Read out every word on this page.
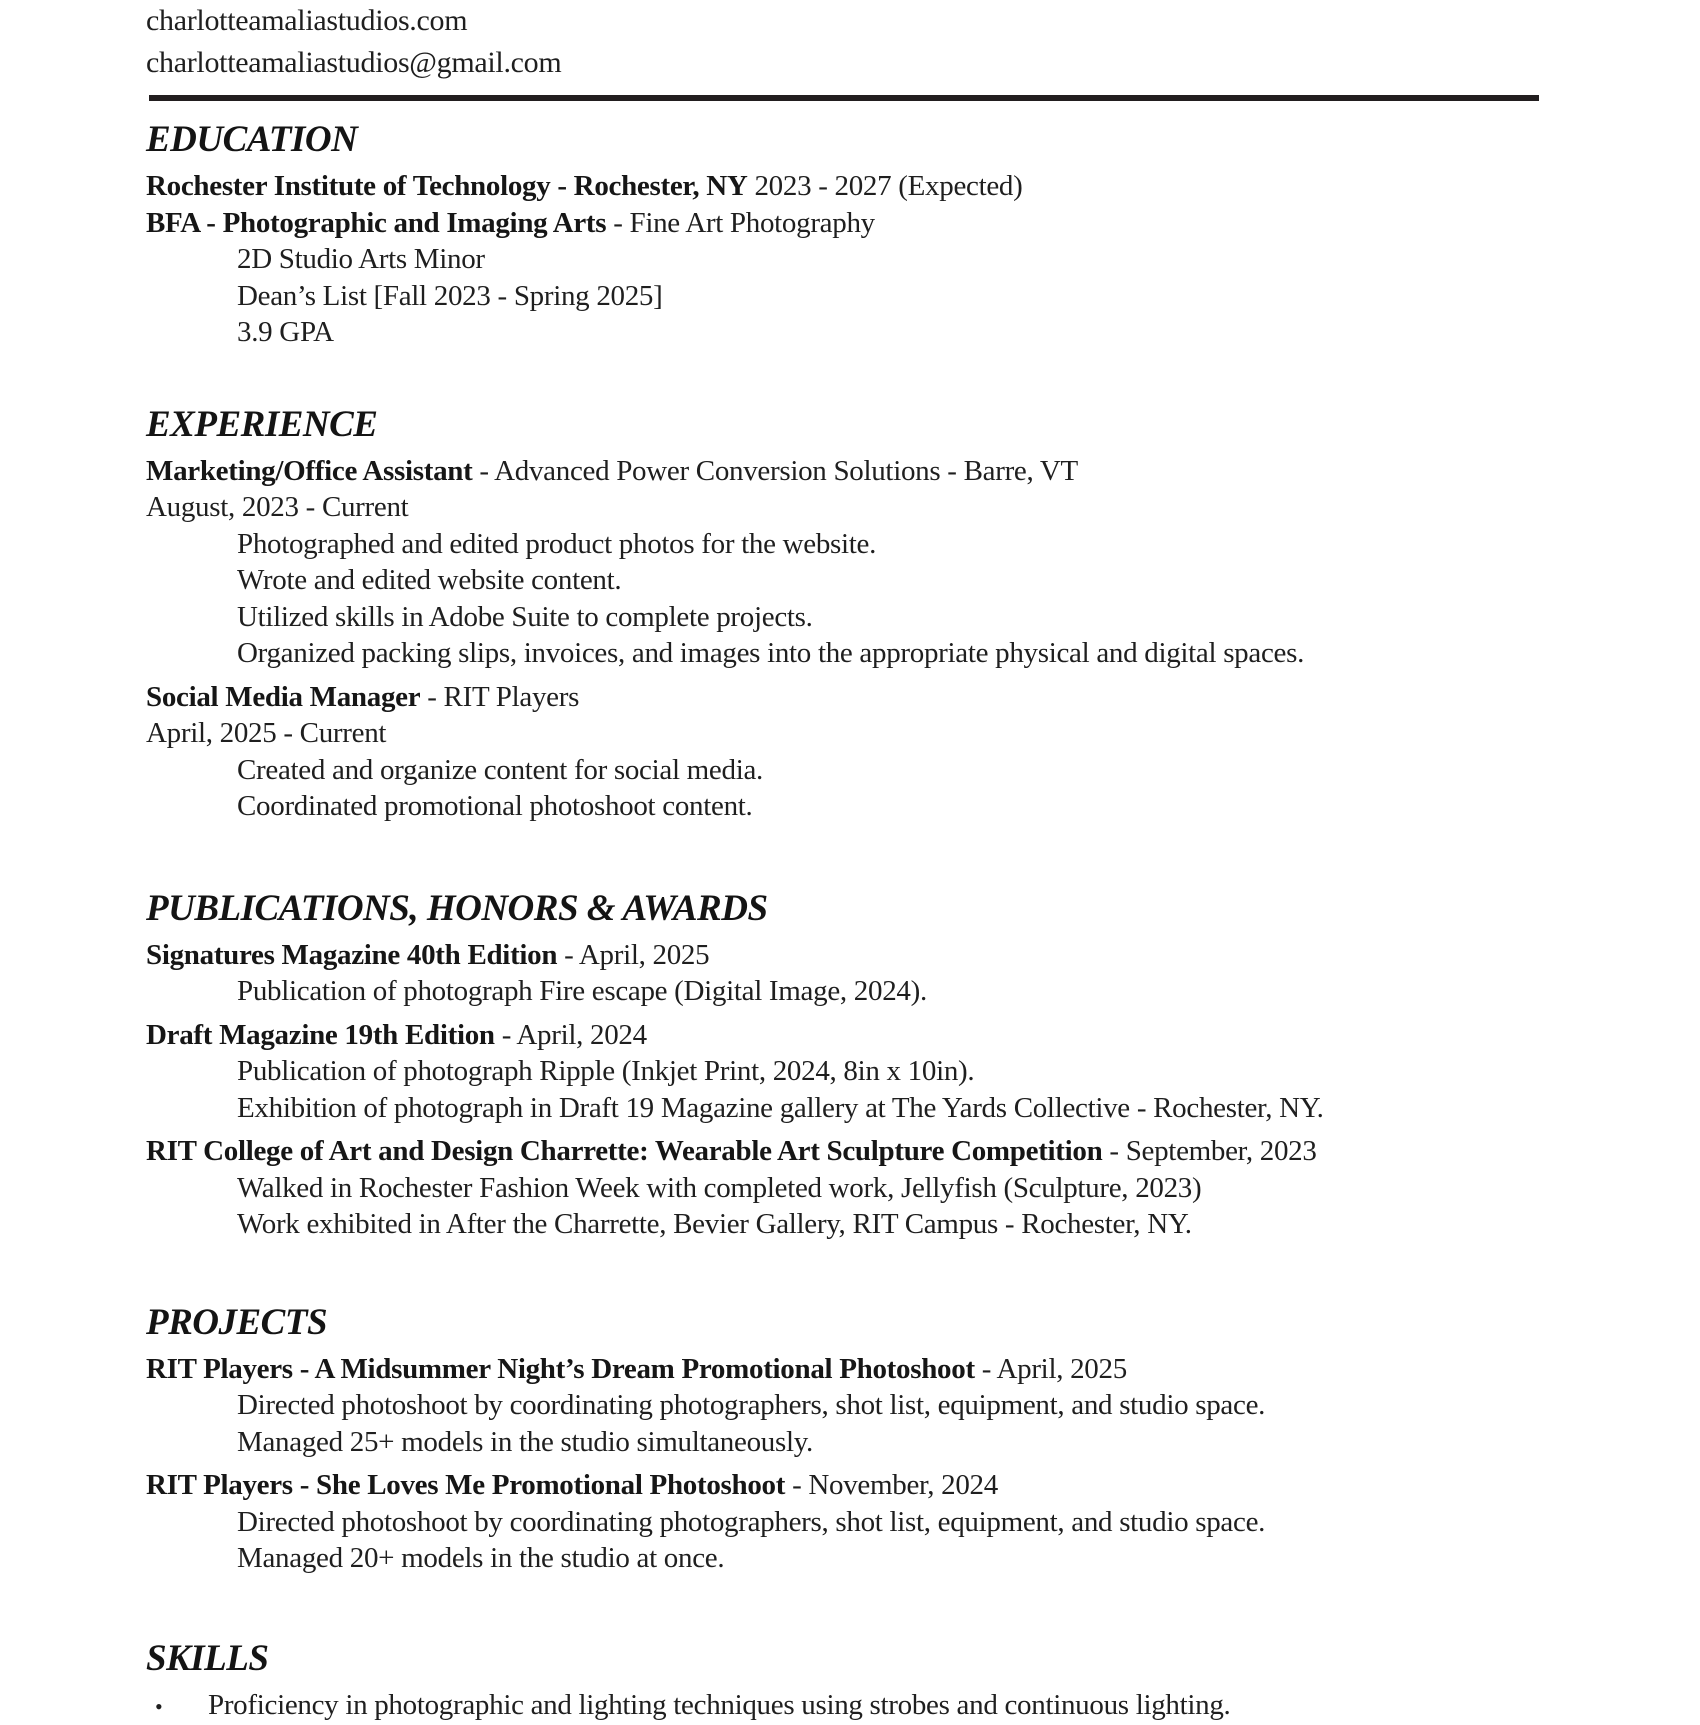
charlotteamaliastudios.com
charlotteamaliastudios@gmail.com
EDUCATION
Rochester Institute of Technology - Rochester, NY 2023 - 2027 (Expected)
BFA - Photographic and Imaging Arts - Fine Art Photography
2D Studio Arts Minor
Dean’s List [Fall 2023 - Spring 2025]
3.9 GPA
EXPERIENCE
Marketing/Office Assistant - Advanced Power Conversion Solutions - Barre, VT
August, 2023 - Current
Photographed and edited product photos for the website.
Wrote and edited website content.
Utilized skills in Adobe Suite to complete projects.
Organized packing slips, invoices, and images into the appropriate physical and digital spaces.
Social Media Manager - RIT Players
April, 2025 - Current
Created and organize content for social media.
Coordinated promotional photoshoot content.
PUBLICATIONS, HONORS & AWARDS
Signatures Magazine 40th Edition - April, 2025
Publication of photograph Fire escape (Digital Image, 2024).
Draft Magazine 19th Edition - April, 2024
Publication of photograph Ripple (Inkjet Print, 2024, 8in x 10in).
Exhibition of photograph in Draft 19 Magazine gallery at The Yards Collective - Rochester, NY.
RIT College of Art and Design Charrette: Wearable Art Sculpture Competition - September, 2023
Walked in Rochester Fashion Week with completed work, Jellyfish (Sculpture, 2023)
Work exhibited in After the Charrette, Bevier Gallery, RIT Campus - Rochester, NY.
PROJECTS
RIT Players - A Midsummer Night’s Dream Promotional Photoshoot - April, 2025
Directed photoshoot by coordinating photographers, shot list, equipment, and studio space.
Managed 25+ models in the studio simultaneously.
RIT Players - She Loves Me Promotional Photoshoot - November, 2024
Directed photoshoot by coordinating photographers, shot list, equipment, and studio space.
Managed 20+ models in the studio at once.
SKILLS
•	Proficiency in photographic and lighting techniques using strobes and continuous lighting.
